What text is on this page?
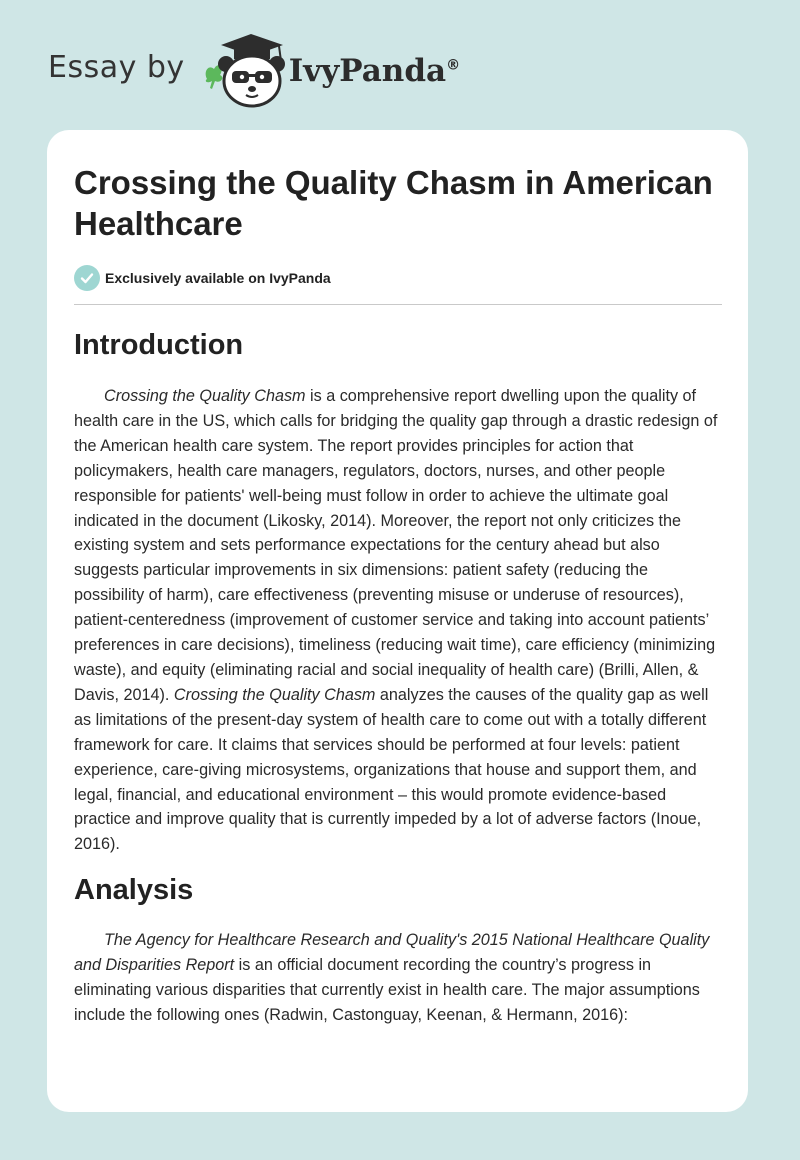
Essay by	IvyPanda®
Crossing the Quality Chasm in American Healthcare
Exclusively available on IvyPanda
Introduction

Crossing the Quality Chasm is a comprehensive report dwelling upon the quality of health care in the US, which calls for bridging the quality gap through a drastic redesign of the American health care system. The report provides principles for action that policymakers, health care managers, regulators, doctors, nurses, and other people responsible for patients' well-being must follow in order to achieve the ultimate goal indicated in the document (Likosky, 2014). Moreover, the report not only criticizes the existing system and sets performance expectations for the century ahead but also suggests particular improvements in six dimensions: patient safety (reducing the possibility of harm), care effectiveness (preventing misuse or underuse of resources), patient-centeredness (improvement of customer service and taking into account patients’ preferences in care decisions), timeliness (reducing wait time), care efficiency (minimizing waste), and equity (eliminating racial and social inequality of health care) (Brilli, Allen, & Davis, 2014). Crossing the Quality Chasm analyzes the causes of the quality gap as well as limitations of the present-day system of health care to come out with a totally different framework for care. It claims that services should be performed at four levels: patient experience, care-giving microsystems, organizations that house and support them, and legal, financial, and educational environment – this would promote evidence-based practice and improve quality that is currently impeded by a lot of adverse factors (Inoue, 2016).

Analysis

The Agency for Healthcare Research and Quality's 2015 National Healthcare Quality and Disparities Report is an official document recording the country’s progress in eliminating various disparities that currently exist in health care. The major assumptions include the following ones (Radwin, Castonguay, Keenan, & Hermann, 2016):
